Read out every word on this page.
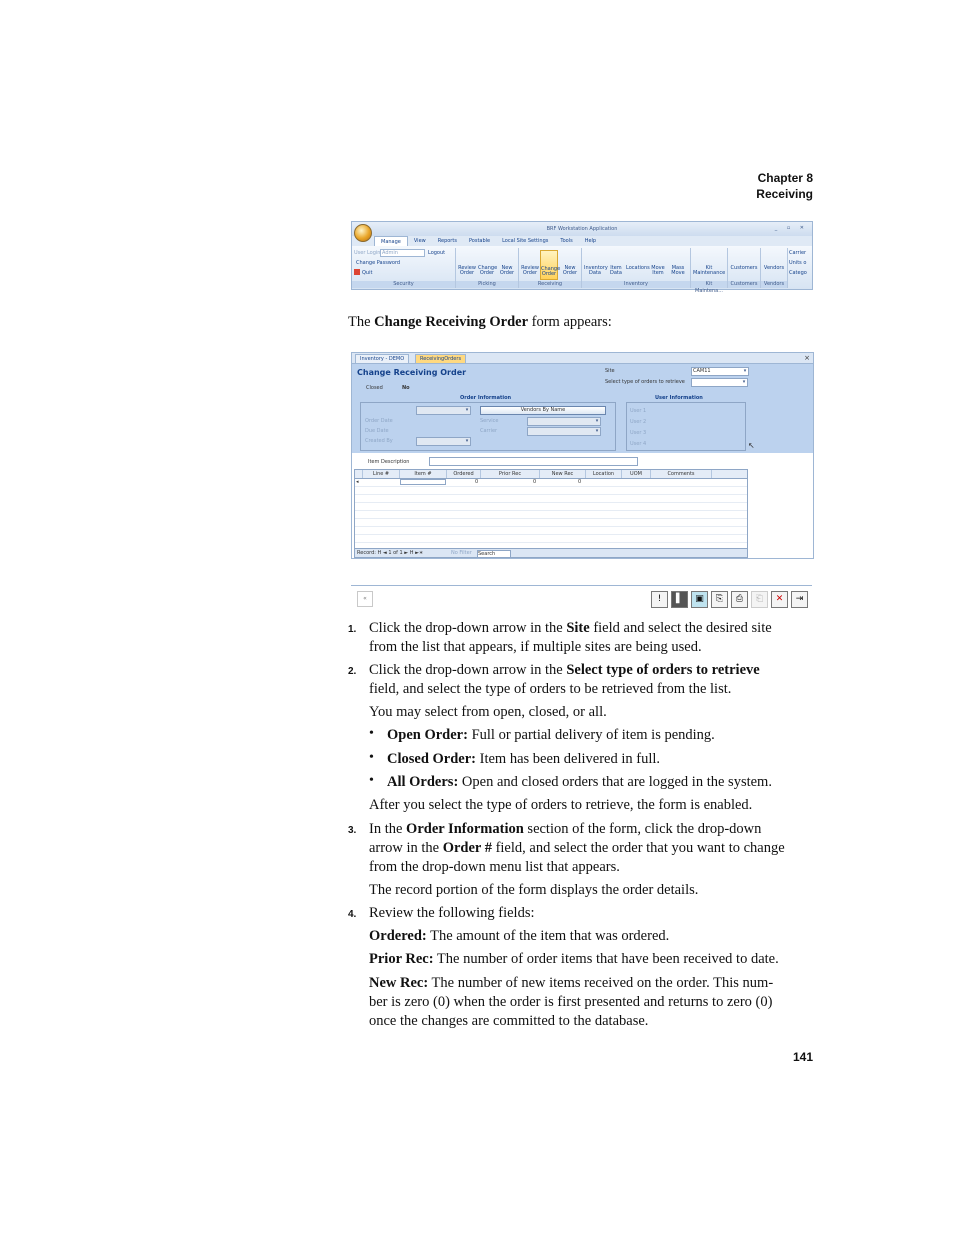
Chapter 8
Receiving
BRF Workstation Application	_ ▫ ✕
Manage	View	Reports	Postable	Local Site Settings	Tools	Help
User Login Admin	Logout
Change Password
Quit
Security
Review Order
Change Order
New Order
Picking
Review Order
Change Order
New Order
Receiving
Inventory Data
Item Data
Locations Move Item
Mass Move
Inventory
Kit Maintenance
Kit Maintena...
Customers
Customers
Vendors
Vendors
Carrier
Units o
Catego
The Change Receiving Order form appears:
Inventory - DEMO	ReceivingOrders	×
Change Receiving Order
Closed	No
Site	CAM11	▾
Select type of orders to retrieve	▾
Order Information	User Information
▾	Vendors By Name
Order Date
Due Date
Created By	▾
Service	▾
Carrier	▾
User 1
User 2
User 3
User 4	↖
Item Description
Line #	Item #	Ordered	Prior Rec	New Rec	Location	UOM	Comments
◂	0	0	0
Record: H ◄ 1 of 1 ► H ►∗	No Filter Search
«	!	▌	▣	⎘	⎙	⎗	✕	⇥
1. Click the drop-down arrow in the Site field and select the desired site
from the list that appears, if multiple sites are being used.
2. Click the drop-down arrow in the Select type of orders to retrieve
field, and select the type of orders to be retrieved from the list.
You may select from open, closed, or all.
• Open Order: Full or partial delivery of item is pending.
• Closed Order: Item has been delivered in full.
• All Orders: Open and closed orders that are logged in the system.
After you select the type of orders to retrieve, the form is enabled.
3. In the Order Information section of the form, click the drop-down
arrow in the Order # field, and select the order that you want to change
from the drop-down menu list that appears.
The record portion of the form displays the order details.
4. Review the following fields:
Ordered: The amount of the item that was ordered.
Prior Rec: The number of order items that have been received to date.
New Rec: The number of new items received on the order. This num-
ber is zero (0) when the order is first presented and returns to zero (0)
once the changes are committed to the database.
141
